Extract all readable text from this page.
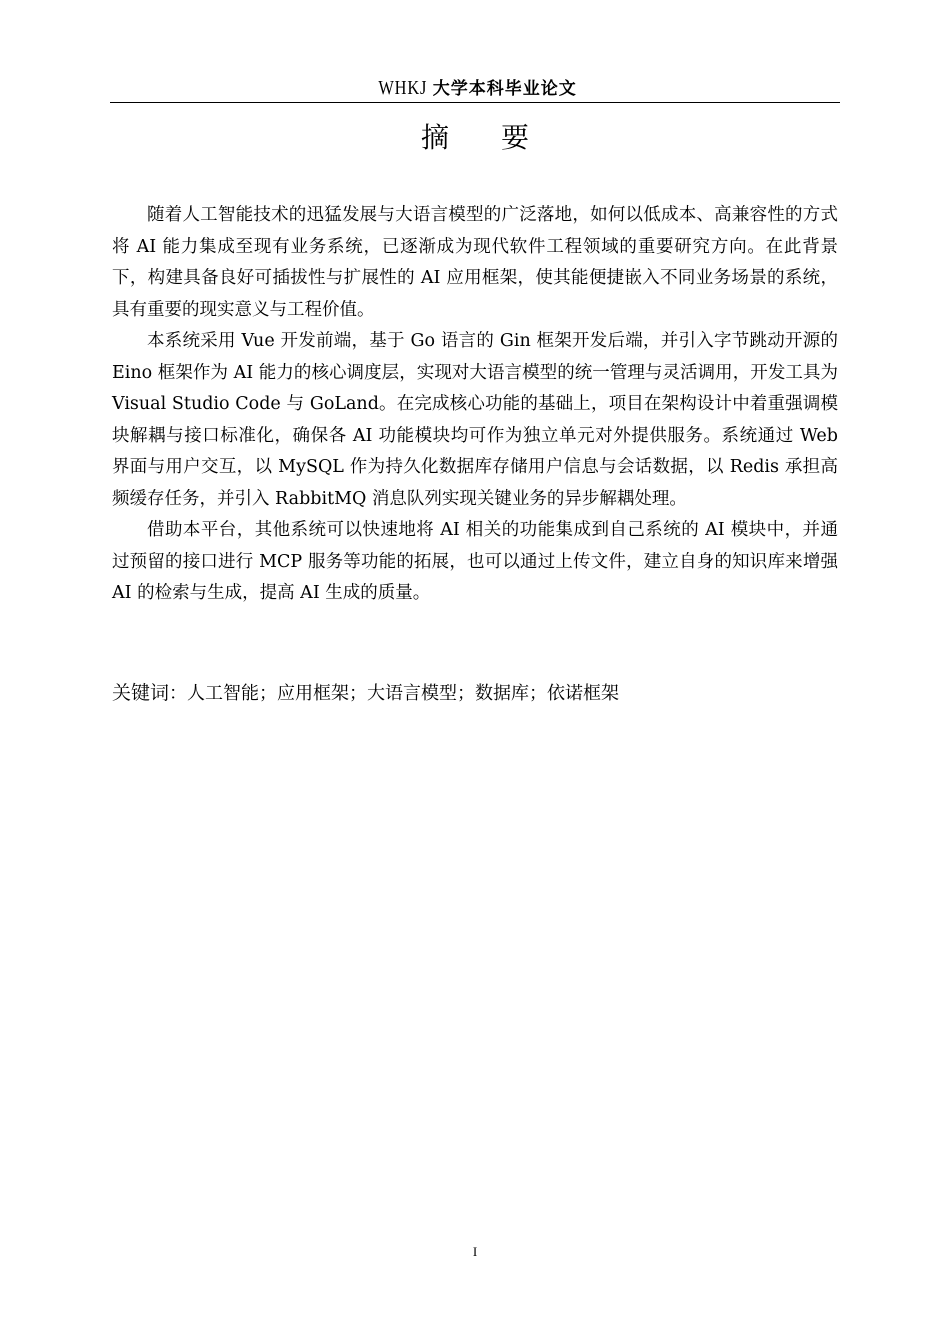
WHKJ 大学本科毕业论文
摘要

随着人工智能技术的迅猛发展与大语言模型的广泛落地，如何以低成本、高兼容性的方式将 AI 能力集成至现有业务系统，已逐渐成为现代软件工程领域的重要研究方向。在此背景下，构建具备良好可插拔性与扩展性的 AI 应用框架，使其能便捷嵌入不同业务场景的系统，具有重要的现实意义与工程价值。

本系统采用 Vue 开发前端，基于 Go 语言的 Gin 框架开发后端，并引入字节跳动开源的 Eino 框架作为 AI 能力的核心调度层，实现对大语言模型的统一管理与灵活调用，开发工具为 Visual Studio Code 与 GoLand。在完成核心功能的基础上，项目在架构设计中着重强调模块解耦与接口标准化，确保各 AI 功能模块均可作为独立单元对外提供服务。系统通过 Web 界面与用户交互，以 MySQL 作为持久化数据库存储用户信息与会话数据，以 Redis 承担高频缓存任务，并引入 RabbitMQ 消息队列实现关键业务的异步解耦处理。

借助本平台，其他系统可以快速地将 AI 相关的功能集成到自己系统的 AI 模块中，并通过预留的接口进行 MCP 服务等功能的拓展，也可以通过上传文件，建立自身的知识库来增强 AI 的检索与生成，提高 AI 生成的质量。

关键词：人工智能；应用框架；大语言模型；数据库；依诺框架
I
